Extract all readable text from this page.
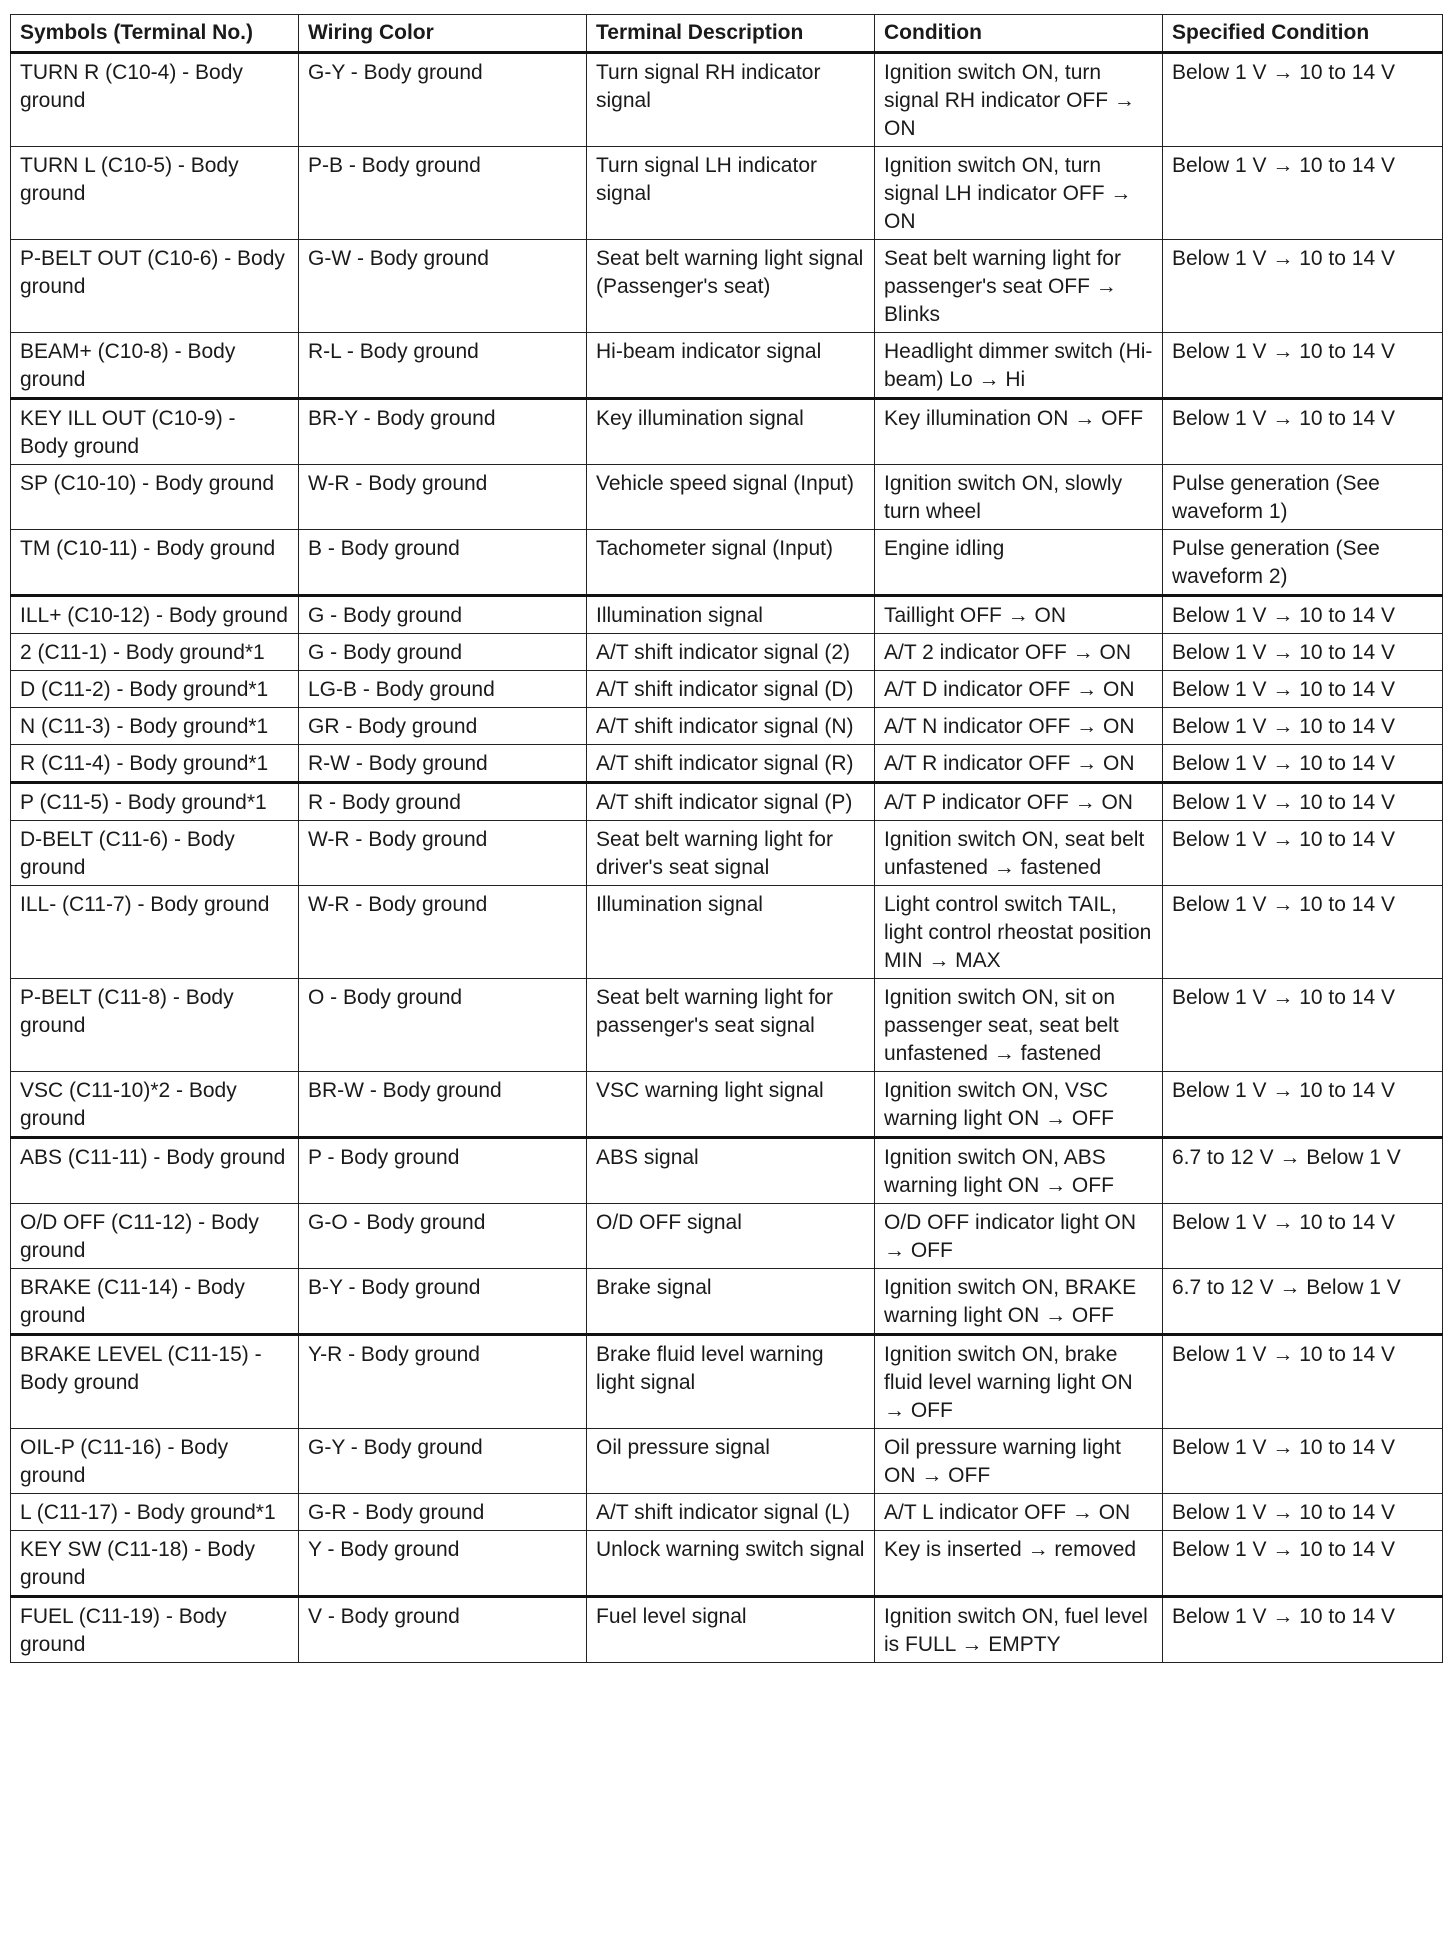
Symbols (Terminal No.)	Wiring Color	Terminal Description	Condition	Specified Condition
TURN R (C10-4) - Body ground	G-Y - Body ground	Turn signal RH indicator signal	Ignition switch ON, turn signal RH indicator OFF → ON	Below 1 V → 10 to 14 V
TURN L (C10-5) - Body ground	P-B - Body ground	Turn signal LH indicator signal	Ignition switch ON, turn signal LH indicator OFF → ON	Below 1 V → 10 to 14 V
P-BELT OUT (C10-6) - Body ground	G-W - Body ground	Seat belt warning light signal (Passenger's seat)	Seat belt warning light for passenger's seat OFF → Blinks	Below 1 V → 10 to 14 V
BEAM+ (C10-8) - Body ground	R-L - Body ground	Hi-beam indicator signal	Headlight dimmer switch (Hi-beam) Lo → Hi	Below 1 V → 10 to 14 V
KEY ILL OUT (C10-9) - Body ground	BR-Y - Body ground	Key illumination signal	Key illumination ON → OFF	Below 1 V → 10 to 14 V
SP (C10-10) - Body ground	W-R - Body ground	Vehicle speed signal (Input)	Ignition switch ON, slowly turn wheel	Pulse generation (See waveform 1)
TM (C10-11) - Body ground	B - Body ground	Tachometer signal (Input)	Engine idling	Pulse generation (See waveform 2)
ILL+ (C10-12) - Body ground	G - Body ground	Illumination signal	Taillight OFF → ON	Below 1 V → 10 to 14 V
2 (C11-1) - Body ground*1	G - Body ground	A/T shift indicator signal (2)	A/T 2 indicator OFF → ON	Below 1 V → 10 to 14 V
D (C11-2) - Body ground*1	LG-B - Body ground	A/T shift indicator signal (D)	A/T D indicator OFF → ON	Below 1 V → 10 to 14 V
N (C11-3) - Body ground*1	GR - Body ground	A/T shift indicator signal (N)	A/T N indicator OFF → ON	Below 1 V → 10 to 14 V
R (C11-4) - Body ground*1	R-W - Body ground	A/T shift indicator signal (R)	A/T R indicator OFF → ON	Below 1 V → 10 to 14 V
P (C11-5) - Body ground*1	R - Body ground	A/T shift indicator signal (P)	A/T P indicator OFF → ON	Below 1 V → 10 to 14 V
D-BELT (C11-6) - Body ground	W-R - Body ground	Seat belt warning light for driver's seat signal	Ignition switch ON, seat belt unfastened → fastened	Below 1 V → 10 to 14 V
ILL- (C11-7) - Body ground	W-R - Body ground	Illumination signal	Light control switch TAIL, light control rheostat position MIN → MAX	Below 1 V → 10 to 14 V
P-BELT (C11-8) - Body ground	O - Body ground	Seat belt warning light for passenger's seat signal	Ignition switch ON, sit on passenger seat, seat belt unfastened → fastened	Below 1 V → 10 to 14 V
VSC (C11-10)*2 - Body ground	BR-W - Body ground	VSC warning light signal	Ignition switch ON, VSC warning light ON → OFF	Below 1 V → 10 to 14 V
ABS (C11-11) - Body ground	P - Body ground	ABS signal	Ignition switch ON, ABS warning light ON → OFF	6.7 to 12 V → Below 1 V
O/D OFF (C11-12) - Body ground	G-O - Body ground	O/D OFF signal	O/D OFF indicator light ON → OFF	Below 1 V → 10 to 14 V
BRAKE (C11-14) - Body ground	B-Y - Body ground	Brake signal	Ignition switch ON, BRAKE warning light ON → OFF	6.7 to 12 V → Below 1 V
BRAKE LEVEL (C11-15) - Body ground	Y-R - Body ground	Brake fluid level warning light signal	Ignition switch ON, brake fluid level warning light ON → OFF	Below 1 V → 10 to 14 V
OIL-P (C11-16) - Body ground	G-Y - Body ground	Oil pressure signal	Oil pressure warning light ON → OFF	Below 1 V → 10 to 14 V
L (C11-17) - Body ground*1	G-R - Body ground	A/T shift indicator signal (L)	A/T L indicator OFF → ON	Below 1 V → 10 to 14 V
KEY SW (C11-18) - Body ground	Y - Body ground	Unlock warning switch signal	Key is inserted → removed	Below 1 V → 10 to 14 V
FUEL (C11-19) - Body ground	V - Body ground	Fuel level signal	Ignition switch ON, fuel level is FULL → EMPTY	Below 1 V → 10 to 14 V
